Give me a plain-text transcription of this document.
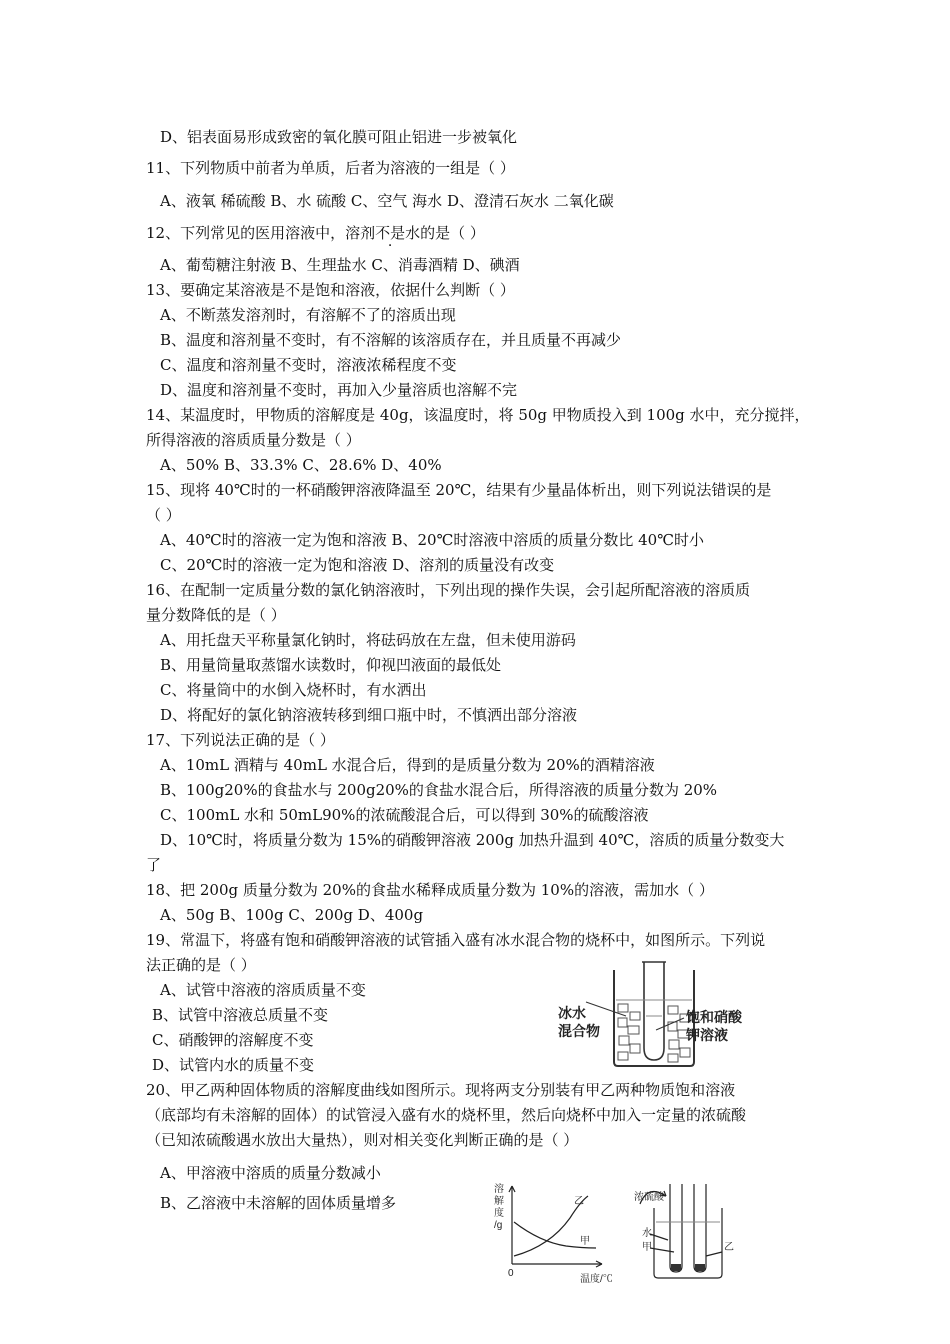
D、铝表面易形成致密的氧化膜可阻止铝进一步被氧化
11、下列物质中前者为单质，后者为溶液的一组是（ ）
A、液氧 稀硫酸 B、水 硫酸 C、空气 海水 D、澄清石灰水 二氧化碳
12、下列常见的医用溶液中，溶剂不是水的是（ ）
A、葡萄糖注射液 B、生理盐水 C、消毒酒精 D、碘酒
13、要确定某溶液是不是饱和溶液，依据什么判断（ ）
A、不断蒸发溶剂时，有溶解不了的溶质出现
B、温度和溶剂量不变时，有不溶解的该溶质存在，并且质量不再减少
C、温度和溶剂量不变时，溶液浓稀程度不变
D、温度和溶剂量不变时，再加入少量溶质也溶解不完
14、某温度时，甲物质的溶解度是 40g，该温度时，将 50g 甲物质投入到 100g 水中，充分搅拌，
所得溶液的溶质质量分数是（ ）
A、50% B、33.3% C、28.6% D、40%
15、现将 40℃时的一杯硝酸钾溶液降温至 20℃，结果有少量晶体析出，则下列说法错误的是
（ ）
A、40℃时的溶液一定为饱和溶液 B、20℃时溶液中溶质的质量分数比 40℃时小
C、20℃时的溶液一定为饱和溶液 D、溶剂的质量没有改变
16、在配制一定质量分数的氯化钠溶液时，下列出现的操作失误，会引起所配溶液的溶质质
量分数降低的是（ ）
A、用托盘天平称量氯化钠时，将砝码放在左盘，但未使用游码
B、用量筒量取蒸馏水读数时，仰视凹液面的最低处
C、将量筒中的水倒入烧杯时，有水洒出
D、将配好的氯化钠溶液转移到细口瓶中时，不慎洒出部分溶液
17、下列说法正确的是（ ）
A、10mL 酒精与 40mL 水混合后，得到的是质量分数为 20%的酒精溶液
B、100g20%的食盐水与 200g20%的食盐水混合后，所得溶液的质量分数为 20%
C、100mL 水和 50mL90%的浓硫酸混合后，可以得到 30%的硫酸溶液
D、10℃时，将质量分数为 15%的硝酸钾溶液 200g 加热升温到 40℃，溶质的质量分数变大
了
18、把 200g 质量分数为 20%的食盐水稀释成质量分数为 10%的溶液，需加水（ ）
A、50g B、100g C、200g D、400g
19、常温下，将盛有饱和硝酸钾溶液的试管插入盛有冰水混合物的烧杯中，如图所示。下列说
法正确的是（ ）
A、试管中溶液的溶质质量不变
B、试管中溶液总质量不变
C、硝酸钾的溶解度不变
D、试管内水的质量不变
20、甲乙两种固体物质的溶解度曲线如图所示。现将两支分别装有甲乙两种物质饱和溶液
（底部均有未溶解的固体）的试管浸入盛有水的烧杯里，然后向烧杯中加入一定量的浓硫酸
（已知浓硫酸遇水放出大量热），则对相关变化判断正确的是（ ）
A、甲溶液中溶质的质量分数减小
B、乙溶液中未溶解的固体质量增多
冰水
混合物
饱和硝酸
钾溶液
溶
解
度
/g
0
温度/℃
乙
甲
浓硫酸
水
甲	乙
